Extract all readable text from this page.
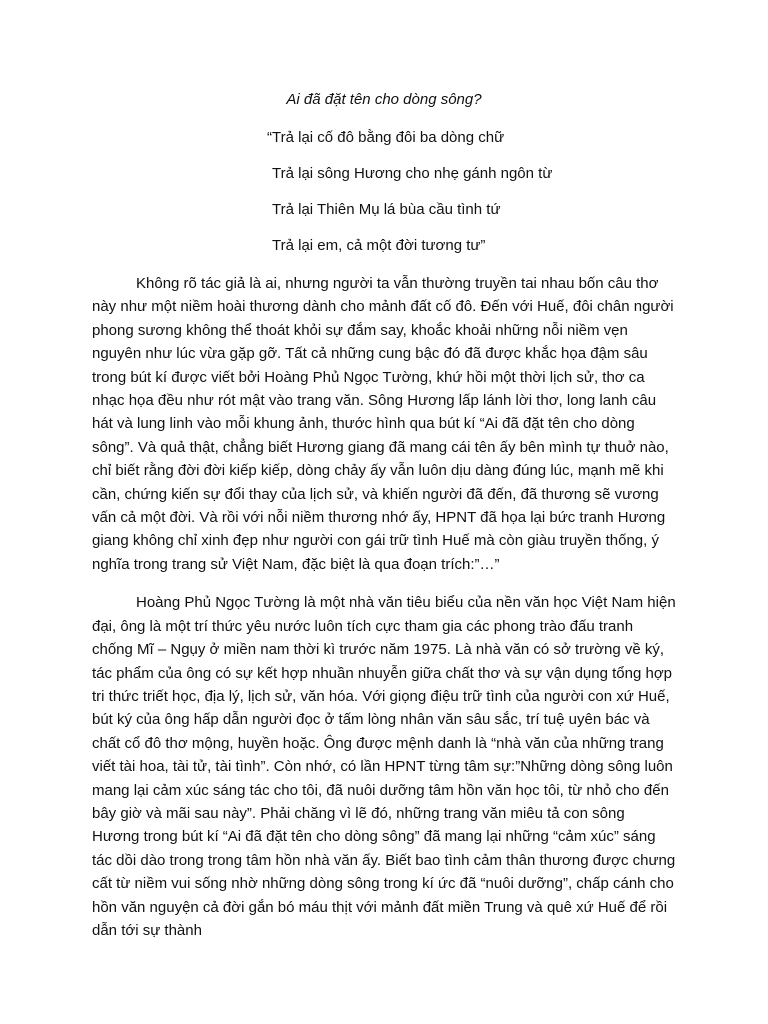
Ai đã đặt tên cho dòng sông?
“Trả lại cố đô bằng đôi ba dòng chữ
Trả lại sông Hương cho nhẹ gánh ngôn từ
Trả lại Thiên Mụ lá bùa cầu tình tứ
Trả lại em, cả một đời tương tư”

Không rõ tác giả là ai, nhưng người ta vẫn thường truyền tai nhau bốn câu thơ này như một niềm hoài thương dành cho mảnh đất cố đô. Đến với Huế, đôi chân người phong sương không thể thoát khỏi sự đắm say, khoắc khoải những nỗi niềm vẹn nguyên như lúc vừa gặp gỡ. Tất cả những cung bậc đó đã được khắc họa đậm sâu trong bút kí được viết bởi Hoàng Phủ Ngọc Tường, khứ hồi một thời lịch sử, thơ ca nhạc họa đều như rót mật vào trang văn. Sông Hương lấp lánh lời thơ, long lanh câu hát và lung linh vào mỗi khung ảnh, thước hình qua bút kí “Ai đã đặt tên cho dòng sông”. Và quả thật, chẳng biết Hương giang đã mang cái tên ấy bên mình tự thuở nào, chỉ biết rằng đời đời kiếp kiếp, dòng chảy ấy vẫn luôn dịu dàng đúng lúc, mạnh mẽ khi cần, chứng kiến sự đổi thay của lịch sử, và khiến người đã đến, đã thương sẽ vương vấn cả một đời. Và rồi với nỗi niềm thương nhớ ấy, HPNT đã họa lại bức tranh Hương giang không chỉ xinh đẹp như người con gái trữ tình Huế mà còn giàu truyền thống, ý nghĩa trong trang sử Việt Nam, đặc biệt là qua đoạn trích:”…”

Hoàng Phủ Ngọc Tường là một nhà văn tiêu biểu của nền văn học Việt Nam hiện đại, ông là một trí thức yêu nước luôn tích cực tham gia các phong trào đấu tranh chống Mĩ – Ngụy ở miền nam thời kì trước năm 1975. Là nhà văn có sở trường về ký, tác phẩm của ông có sự kết hợp nhuần nhuyễn giữa chất thơ và sự vận dụng tổng hợp tri thức triết học, địa lý, lịch sử, văn hóa. Với giọng điệu trữ tình của người con xứ Huế, bút ký của ông hấp dẫn người đọc ở tấm lòng nhân văn sâu sắc, trí tuệ uyên bác và chất cổ đô thơ mộng, huyền hoặc. Ông được mệnh danh là “nhà văn của những trang viết tài hoa, tài tử, tài tình”. Còn nhớ, có lần HPNT từng tâm sự:”Những dòng sông luôn mang lại cảm xúc sáng tác cho tôi, đã nuôi dưỡng tâm hồn văn học tôi, từ nhỏ cho đến bây giờ và mãi sau này”. Phải chăng vì lẽ đó, những trang văn miêu tả con sông Hương trong bút kí “Ai đã đặt tên cho dòng sông” đã mang lại những “cảm xúc” sáng tác dồi dào trong trong tâm hồn nhà văn ấy. Biết bao tình cảm thân thương được chưng cất từ niềm vui sống nhờ những dòng sông trong kí ức đã “nuôi dưỡng”, chấp cánh cho hồn văn nguyện cả đời gắn bó máu thịt với mảnh đất miền Trung và quê xứ Huế để rồi dẫn tới sự thành
